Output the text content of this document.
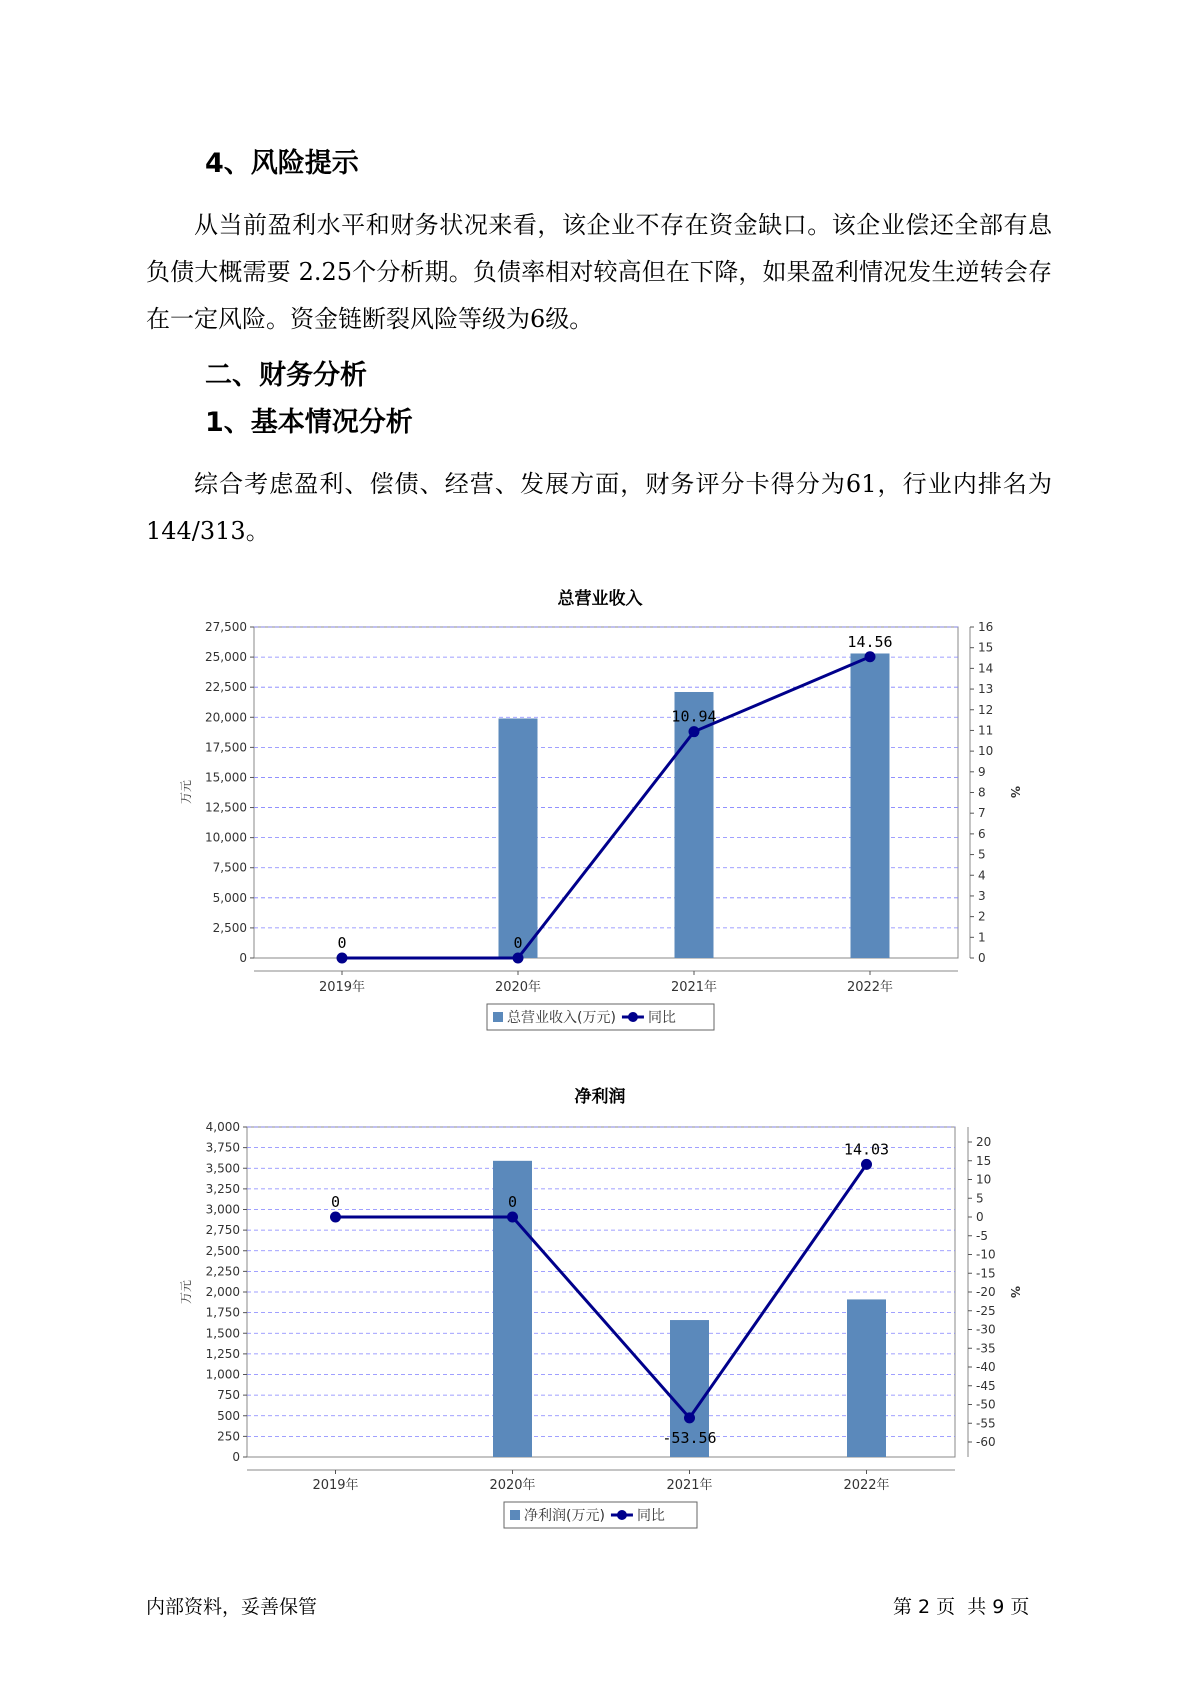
4、风险提示
从当前盈利水平和财务状况来看，该企业不存在资金缺口。该企业偿还全部有息负债大概需要 2.25个分析期。负债率相对较高但在下降，如果盈利情况发生逆转会存在一定风险。资金链断裂风险等级为6级。
二、财务分析
1、基本情况分析
综合考虑盈利、偿债、经营、发展方面，财务评分卡得分为61，行业内排名为144/313。
总营业收入
0
2,500
5,000
7,500
10,000
12,500
15,000
17,500
20,000
22,500
25,000
27,500
0
1
2
3
4
5
6
7
8
9
10
11
12
13
14
15
16
万元	%
2019年	2020年	2021年	2022年
0	0
10.94
14.56
总营业收入(万元) 同比
净利润
0
250
500
750
1,000
1,250
1,500
1,750
2,000
2,250
2,500
2,750
3,000
3,250
3,500
3,750
4,000
-60
-55
-50
-45
-40
-35
-30
-25
-20
-15
-10
-5
0
5
10
15
20
万元	%
2019年	2020年	2021年	2022年
0	0
-53.56
14.03
净利润(万元) 同比
内部资料，妥善保管	第 2 页  共 9 页
